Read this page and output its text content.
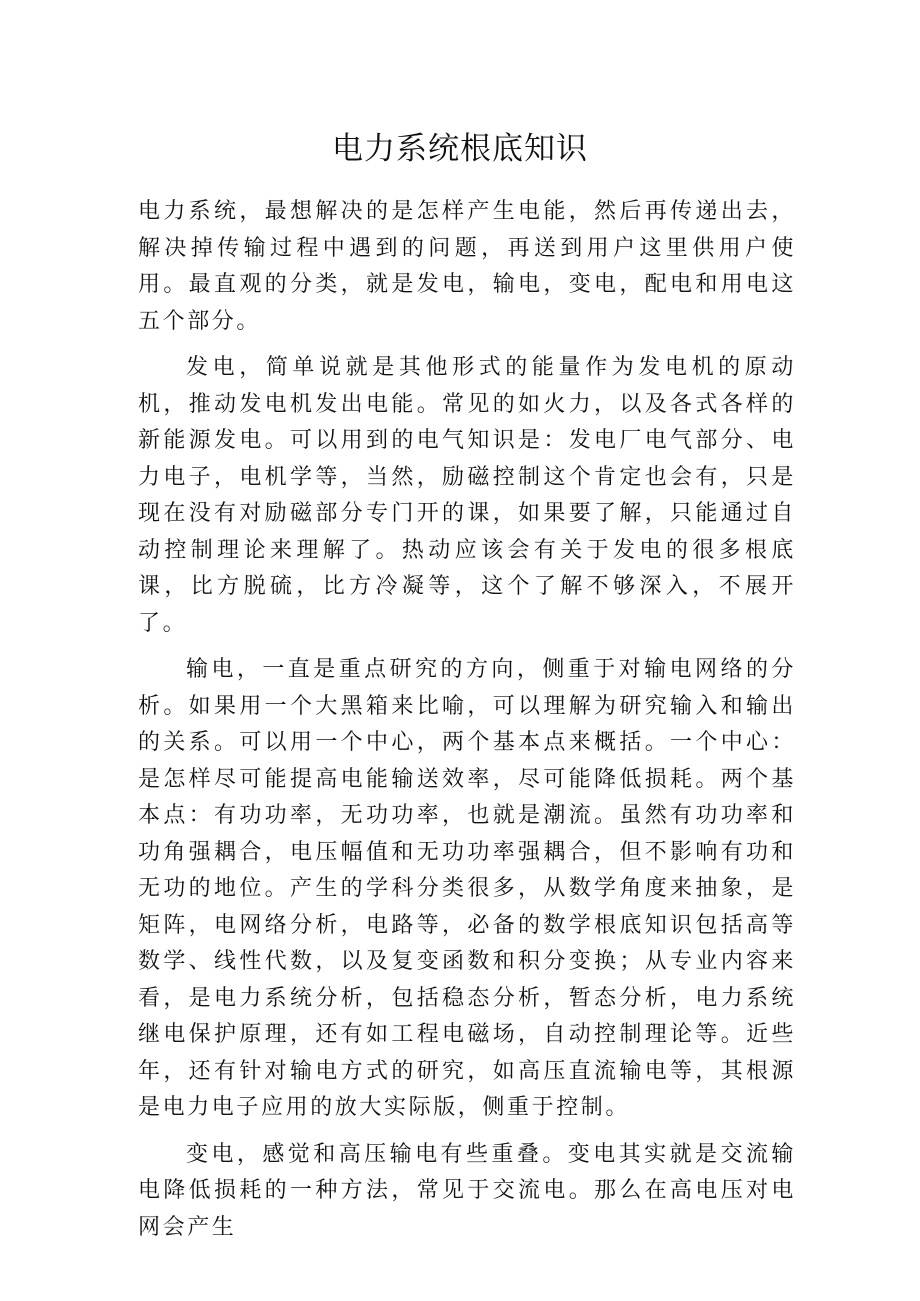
电力系统根底知识

电力系统，最想解决的是怎样产生电能，然后再传递出去，解决掉传输过程中遇到的问题，再送到用户这里供用户使用。最直观的分类，就是发电，输电，变电，配电和用电这五个部分。

发电，简单说就是其他形式的能量作为发电机的原动机，推动发电机发出电能。常见的如火力，以及各式各样的新能源发电。可以用到的电气知识是：发电厂电气部分、电力电子，电机学等，当然，励磁控制这个肯定也会有，只是现在没有对励磁部分专门开的课，如果要了解，只能通过自动控制理论来理解了。热动应该会有关于发电的很多根底课，比方脱硫，比方冷凝等，这个了解不够深入，不展开了。

输电，一直是重点研究的方向，侧重于对输电网络的分析。如果用一个大黑箱来比喻，可以理解为研究输入和输出的关系。可以用一个中心，两个基本点来概括。一个中心：是怎样尽可能提高电能输送效率，尽可能降低损耗。两个基本点：有功功率，无功功率，也就是潮流。虽然有功功率和功角强耦合，电压幅值和无功功率强耦合，但不影响有功和无功的地位。产生的学科分类很多，从数学角度来抽象，是矩阵，电网络分析，电路等，必备的数学根底知识包括高等数学、线性代数，以及复变函数和积分变换；从专业内容来看，是电力系统分析，包括稳态分析，暂态分析，电力系统继电保护原理，还有如工程电磁场，自动控制理论等。近些年，还有针对输电方式的研究，如高压直流输电等，其根源是电力电子应用的放大实际版，侧重于控制。

变电，感觉和高压输电有些重叠。变电其实就是交流输电降低损耗的一种方法，常见于交流电。那么在高电压对电网会产生
